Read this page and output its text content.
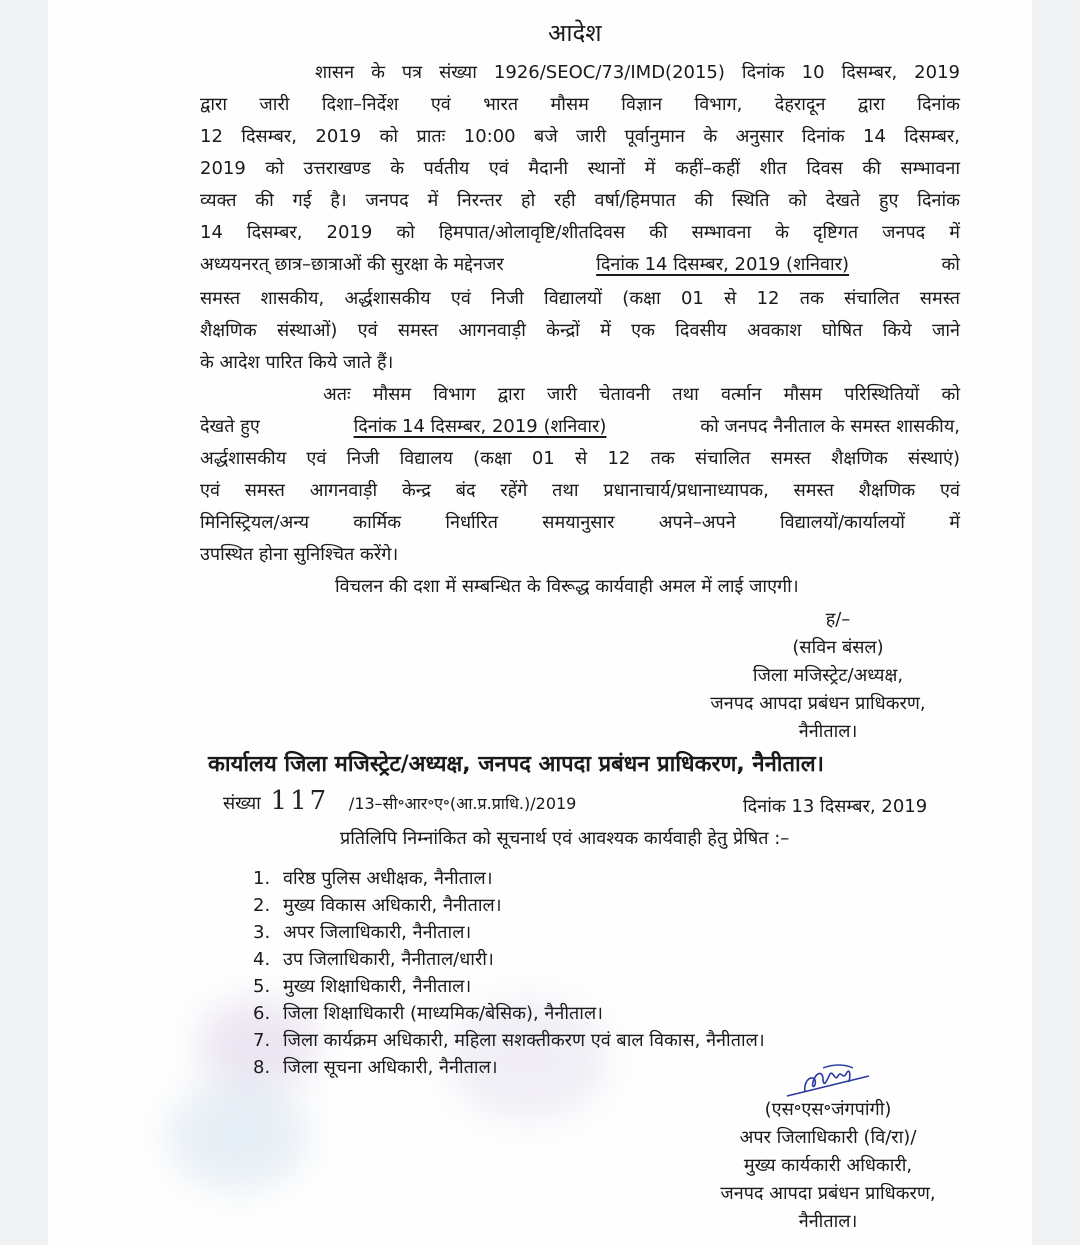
आदेश
शासन के पत्र संख्या 1926/SEOC/73/IMD(2015) दिनांक 10 दिसम्बर, 2019
द्वारा जारी दिशा–निर्देश एवं भारत मौसम विज्ञान विभाग, देहरादून द्वारा दिनांक
12 दिसम्बर, 2019 को प्रातः 10:00 बजे जारी पूर्वानुमान के अनुसार दिनांक 14 दिसम्बर,
2019 को उत्तराखण्ड के पर्वतीय एवं मैदानी स्थानों में कहीं–कहीं शीत दिवस की सम्भावना
व्यक्त की गई है। जनपद में निरन्तर हो रही वर्षा/हिमपात की स्थिति को देखते हुए दिनांक
14 दिसम्बर, 2019 को हिमपात/ओलावृष्टि/शीतदिवस की सम्भावना के दृष्टिगत जनपद में
अध्ययनरत् छात्र–छात्राओं की सुरक्षा के मद्देनजर	दिनांक 14 दिसम्बर, 2019 (शनिवार)	को
समस्त शासकीय, अर्द्धशासकीय एवं निजी विद्यालयों (कक्षा 01 से 12 तक संचालित समस्त
शैक्षणिक संस्थाओं) एवं समस्त आगनवाड़ी केन्द्रों में एक दिवसीय अवकाश घोषित किये जाने
के आदेश पारित किये जाते हैं।
अतः मौसम विभाग द्वारा जारी चेतावनी तथा वर्त्मान मौसम परिस्थितियों को
देखते हुए	दिनांक 14 दिसम्बर, 2019 (शनिवार)	को जनपद नैनीताल के समस्त शासकीय,
अर्द्धशासकीय एवं निजी विद्यालय (कक्षा 01 से 12 तक संचालित समस्त शैक्षणिक संस्थाएं)
एवं समस्त आगनवाड़ी केन्द्र बंद रहेंगे तथा प्रधानाचार्य/प्रधानाध्यापक, समस्त शैक्षणिक एवं
मिनिस्ट्रियल/अन्य कार्मिक निर्धारित समयानुसार अपने–अपने विद्यालयों/कार्यालयों में
उपस्थित होना सुनिश्चित करेंगे।
विचलन की दशा में सम्बन्धित के विरूद्ध कार्यवाही अमल में लाई जाएगी।
ह/–
(सविन बंसल)
जिला मजिस्ट्रेट/अध्यक्ष,
जनपद आपदा प्रबंधन प्राधिकरण,
नैनीताल।
कार्यालय जिला मजिस्ट्रेट/अध्यक्ष, जनपद आपदा प्रबंधन प्राधिकरण, नैनीताल।
संख्या 117 /13–सी॰आर॰ए॰(आ.प्र.प्राधि.)/2019	दिनांक 13 दिसम्बर, 2019
प्रतिलिपि निम्नांकित को सूचनार्थ एवं आवश्यक कार्यवाही हेतु प्रेषित :–
1. वरिष्ठ पुलिस अधीक्षक, नैनीताल।
2. मुख्य विकास अधिकारी, नैनीताल।
3. अपर जिलाधिकारी, नैनीताल।
4. उप जिलाधिकारी, नैनीताल/धारी।
5. मुख्य शिक्षाधिकारी, नैनीताल।
6. जिला शिक्षाधिकारी (माध्यमिक/बेसिक), नैनीताल।
7. जिला कार्यक्रम अधिकारी, महिला सशक्तीकरण एवं बाल विकास, नैनीताल।
8. जिला सूचना अधिकारी, नैनीताल।
(एस॰एस॰जंगपांगी)
अपर जिलाधिकारी (वि/रा)/
मुख्य कार्यकारी अधिकारी,
जनपद आपदा प्रबंधन प्राधिकरण,
नैनीताल।
